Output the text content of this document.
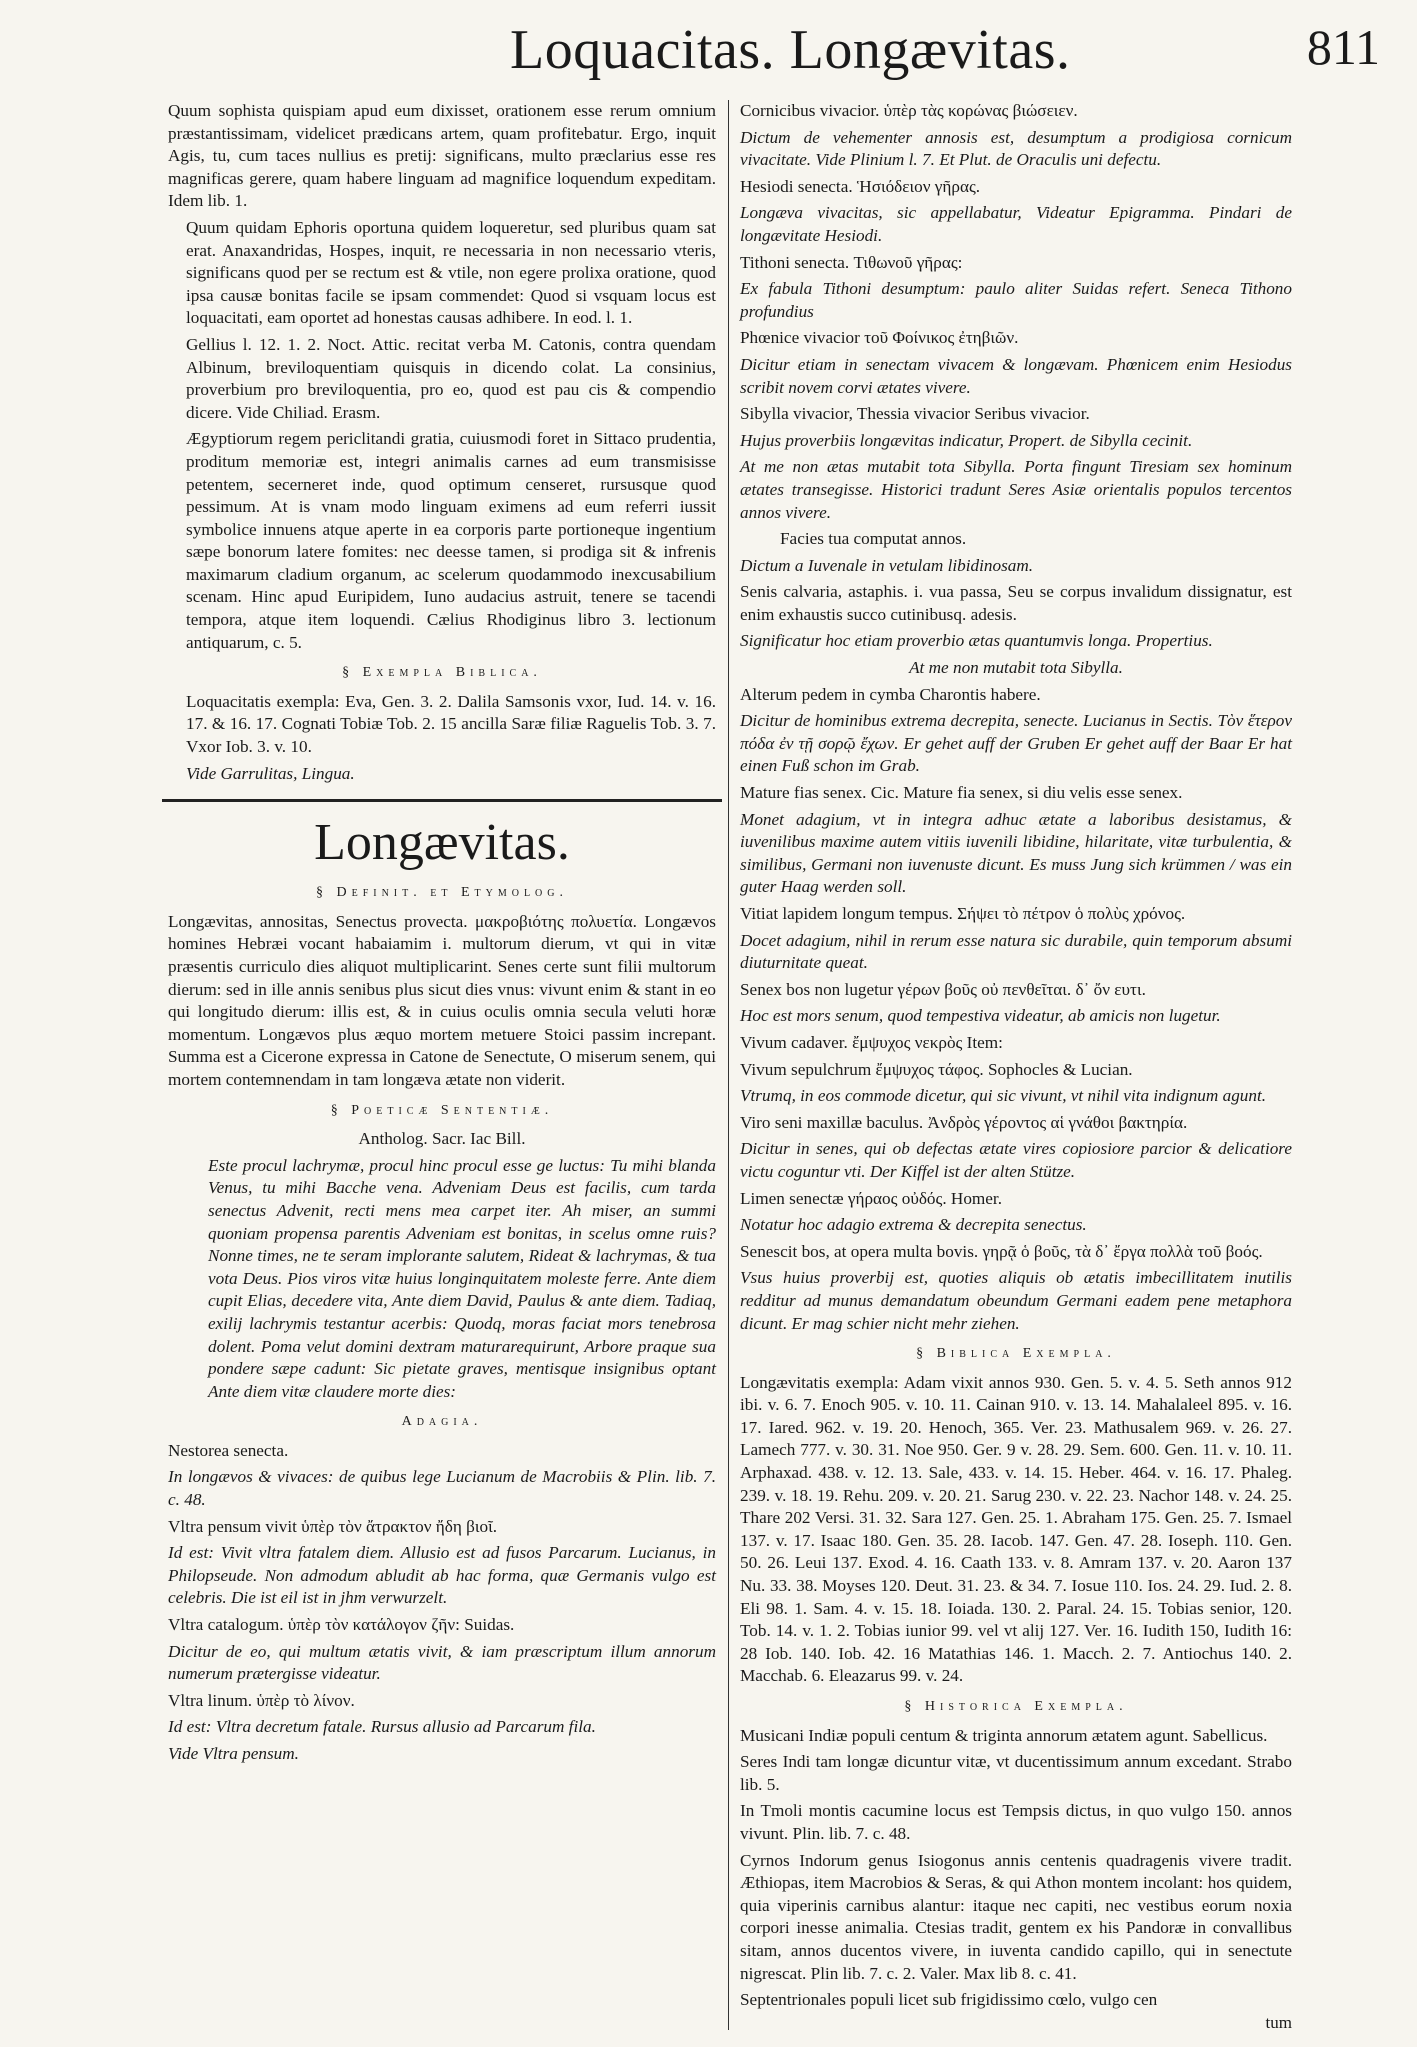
Loquacitas. Longævitas.	811

Quum sophista quispiam apud eum dixisset, orationem esse rerum omnium præstantissimam, videlicet prædicans artem, quam profitebatur. Ergo, inquit Agis, tu, cum taces nullius es pretij: significans, multo præclarius esse res magnificas gerere, quam habere linguam ad magnifice loquendum expeditam. Idem lib. 1.

Quum quidam Ephoris oportuna quidem loqueretur, sed pluribus quam sat erat. Anaxandridas, Hospes, inquit, re necessaria in non necessario vteris, significans quod per se rectum est & vtile, non egere prolixa oratione, quod ipsa causæ bonitas facile se ipsam commendet: Quod si vsquam locus est loquacitati, eam oportet ad honestas causas adhibere. In eod. l. 1.

Gellius l. 12. 1. 2. Noct. Attic. recitat verba M. Catonis, contra quendam Albinum, breviloquentiam quisquis in dicendo colat. La consinius, proverbium pro breviloquentia, pro eo, quod est pau cis & compendio dicere. Vide Chiliad. Erasm.

Ægyptiorum regem periclitandi gratia, cuiusmodi foret in Sittaco prudentia, proditum memoriæ est, integri animalis carnes ad eum transmisisse petentem, secerneret inde, quod optimum censeret, rursusque quod pessimum. At is vnam modo linguam eximens ad eum referri iussit symbolice innuens atque aperte in ea corporis parte portioneque ingentium sæpe bonorum latere fomites: nec deesse tamen, si prodiga sit & infrenis maximarum cladium organum, ac scelerum quodammodo inexcusabilium scenam. Hinc apud Euripidem, Iuno audacius astruit, tenere se tacendi tempora, atque item loquendi. Cælius Rhodiginus libro 3. lectionum antiquarum, c. 5.

§ Exempla Biblica.

Loquacitatis exempla: Eva, Gen. 3. 2. Dalila Samsonis vxor, Iud. 14. v. 16. 17. & 16. 17. Cognati Tobiæ Tob. 2. 15 ancilla Saræ filiæ Raguelis Tob. 3. 7. Vxor Iob. 3. v. 10.

Vide Garrulitas, Lingua.

Longævitas.
§ Definit. et Etymolog.

Longævitas, annositas, Senectus provecta. μακροβιότης πολυετία. Longævos homines Hebræi vocant habaiamim i. multorum dierum, vt qui in vitæ præsentis curriculo dies aliquot multiplicarint. Senes certe sunt filii multorum dierum: sed in ille annis senibus plus sicut dies vnus: vivunt enim & stant in eo qui longitudo dierum: illis est, & in cuius oculis omnia secula veluti horæ momentum. Longævos plus æquo mortem metuere Stoici passim increpant. Summa est a Cicerone expressa in Catone de Senectute, O miserum senem, qui mortem contemnendam in tam longæva ætate non viderit.

§ Poeticæ Sententiæ.

Antholog. Sacr. Iac Bill.

Este procul lachrymæ, procul hinc procul esse ge luctus: Tu mihi blanda Venus, tu mihi Bacche vena. Adveniam Deus est facilis, cum tarda senectus Advenit, recti mens mea carpet iter. Ah miser, an summi quoniam propensa parentis Adveniam est bonitas, in scelus omne ruis? Nonne times, ne te seram implorante salutem, Rideat & lachrymas, & tua vota Deus. Pios viros vitæ huius longinquitatem moleste ferre. Ante diem cupit Elias, decedere vita, Ante diem David, Paulus & ante diem. Tadiaq, exilij lachrymis testantur acerbis: Quodq, moras faciat mors tenebrosa dolent. Poma velut domini dextram maturarequirunt, Arbore praque sua pondere sæpe cadunt: Sic pietate graves, mentisque insignibus optant Ante diem vitæ claudere morte dies:

Adagia.

Nestorea senecta.

In longævos & vivaces: de quibus lege Lucianum de Macrobiis & Plin. lib. 7. c. 48.

Vltra pensum vivit ὑπὲρ τὸν ἄτρακτον ἤδη βιοῖ.

Id est: Vivit vltra fatalem diem. Allusio est ad fusos Parcarum. Lucianus, in Philopseude. Non admodum abludit ab hac forma, quæ Germanis vulgo est celebris. Die ist eil ist in jhm verwurzelt.

Vltra catalogum. ὑπὲρ τὸν κατάλογον ζῆν: Suidas.

Dicitur de eo, qui multum ætatis vivit, & iam præscriptum illum annorum numerum prætergisse videatur.

Vltra linum. ὑπὲρ τὸ λίνον.

Id est: Vltra decretum fatale. Rursus allusio ad Parcarum fila.

Vide Vltra pensum.

Cornicibus vivacior. ὑπὲρ τὰς κορώνας βιώσειεν.

Dictum de vehementer annosis est, desumptum a prodigiosa cornicum vivacitate. Vide Plinium l. 7. Et Plut. de Oraculis uni defectu.

Hesiodi senecta. Ἡσιόδειον γῆρας.

Longæva vivacitas, sic appellabatur, Videatur Epigramma. Pindari de longævitate Hesiodi.

Tithoni senecta. Τιθωνοῦ γῆρας:

Ex fabula Tithoni desumptum: paulo aliter Suidas refert. Seneca Tithono profundius

Phœnice vivacior τοῦ Φοίνικος ἐτηβιῶν.

Dicitur etiam in senectam vivacem & longævam. Phœnicem enim Hesiodus scribit novem corvi ætates vivere.

Sibylla vivacior, Thessia vivacior Seribus vivacior.

Hujus proverbiis longævitas indicatur, Propert. de Sibylla cecinit.

At me non ætas mutabit tota Sibylla. Porta fingunt Tiresiam sex hominum ætates transegisse. Historici tradunt Seres Asiæ orientalis populos tercentos annos vivere.

Facies tua computat annos.

Dictum a Iuvenale in vetulam libidinosam.

Senis calvaria, astaphis. i. vua passa, Seu se corpus invalidum dissignatur, est enim exhaustis succo cutinibusq. adesis.

Significatur hoc etiam proverbio ætas quantumvis longa. Propertius.

At me non mutabit tota Sibylla.

Alterum pedem in cymba Charontis habere.

Dicitur de hominibus extrema decrepita, senecte. Lucianus in Sectis. Τὸν ἕτερον πόδα ἐν τῇ σορῷ ἔχων. Er gehet auff der Gruben Er gehet auff der Baar Er hat einen Fuß schon im Grab.

Mature fias senex. Cic. Mature fia senex, si diu velis esse senex.

Monet adagium, vt in integra adhuc ætate a laboribus desistamus, & iuvenilibus maxime autem vitiis iuvenili libidine, hilaritate, vitæ turbulentia, & similibus, Germani non iuvenuste dicunt. Es muss Jung sich krümmen / was ein guter Haag werden soll.

Vitiat lapidem longum tempus. Σήψει τὸ πέτρον ὁ πολὺς χρόνος.

Docet adagium, nihil in rerum esse natura sic durabile, quin temporum absumi diuturnitate queat.

Senex bos non lugetur γέρων βοῦς οὐ πενθεῖται. δ᾽ ὄν ευτι.

Hoc est mors senum, quod tempestiva videatur, ab amicis non lugetur.

Vivum cadaver. ἔμψυχος νεκρὸς Item:

Vivum sepulchrum ἔμψυχος τάφος. Sophocles & Lucian.

Vtrumq, in eos commode dicetur, qui sic vivunt, vt nihil vita indignum agunt.

Viro seni maxillæ baculus. Ἀνδρὸς γέροντος αἱ γνάθοι βακτηρία.

Dicitur in senes, qui ob defectas ætate vires copiosiore parcior & delicatiore victu coguntur vti. Der Kiffel ist der alten Stütze.

Limen senectæ γήραος οὐδός. Homer.

Notatur hoc adagio extrema & decrepita senectus.

Senescit bos, at opera multa bovis. γηρᾷ ὁ βοῦς, τὰ δ᾽ ἔργα πολλὰ τοῦ βοός.

Vsus huius proverbij est, quoties aliquis ob ætatis imbecillitatem inutilis redditur ad munus demandatum obeundum Germani eadem pene metaphora dicunt. Er mag schier nicht mehr ziehen.

§ Biblica Exempla.

Longævitatis exempla: Adam vixit annos 930. Gen. 5. v. 4. 5. Seth annos 912 ibi. v. 6. 7. Enoch 905. v. 10. 11. Cainan 910. v. 13. 14. Mahalaleel 895. v. 16. 17. Iared. 962. v. 19. 20. Henoch, 365. Ver. 23. Mathusalem 969. v. 26. 27. Lamech 777. v. 30. 31. Noe 950. Ger. 9 v. 28. 29. Sem. 600. Gen. 11. v. 10. 11. Arphaxad. 438. v. 12. 13. Sale, 433. v. 14. 15. Heber. 464. v. 16. 17. Phaleg. 239. v. 18. 19. Rehu. 209. v. 20. 21. Sarug 230. v. 22. 23. Nachor 148. v. 24. 25. Thare 202 Versi. 31. 32. Sara 127. Gen. 25. 1. Abraham 175. Gen. 25. 7. Ismael 137. v. 17. Isaac 180. Gen. 35. 28. Iacob. 147. Gen. 47. 28. Ioseph. 110. Gen. 50. 26. Leui 137. Exod. 4. 16. Caath 133. v. 8. Amram 137. v. 20. Aaron 137 Nu. 33. 38. Moyses 120. Deut. 31. 23. & 34. 7. Iosue 110. Ios. 24. 29. Iud. 2. 8. Eli 98. 1. Sam. 4. v. 15. 18. Ioiada. 130. 2. Paral. 24. 15. Tobias senior, 120. Tob. 14. v. 1. 2. Tobias iunior 99. vel vt alij 127. Ver. 16. Iudith 150, Iudith 16: 28 Iob. 140. Iob. 42. 16 Matathias 146. 1. Macch. 2. 7. Antiochus 140. 2. Macchab. 6. Eleazarus 99. v. 24.

§ Historica Exempla.

Musicani Indiæ populi centum & triginta annorum ætatem agunt. Sabellicus.

Seres Indi tam longæ dicuntur vitæ, vt ducentissimum annum excedant. Strabo lib. 5.

In Tmoli montis cacumine locus est Tempsis dictus, in quo vulgo 150. annos vivunt. Plin. lib. 7. c. 48.

Cyrnos Indorum genus Isiogonus annis centenis quadragenis vivere tradit. Æthiopas, item Macrobios & Seras, & qui Athon montem incolant: hos quidem, quia viperinis carnibus alantur: itaque nec capiti, nec vestibus eorum noxia corpori inesse animalia. Ctesias tradit, gentem ex his Pandoræ in convallibus sitam, annos ducentos vivere, in iuventa candido capillo, qui in senectute nigrescat. Plin lib. 7. c. 2. Valer. Max lib 8. c. 41.

Septentrionales populi licet sub frigidissimo cœlo, vulgo cen

tum
